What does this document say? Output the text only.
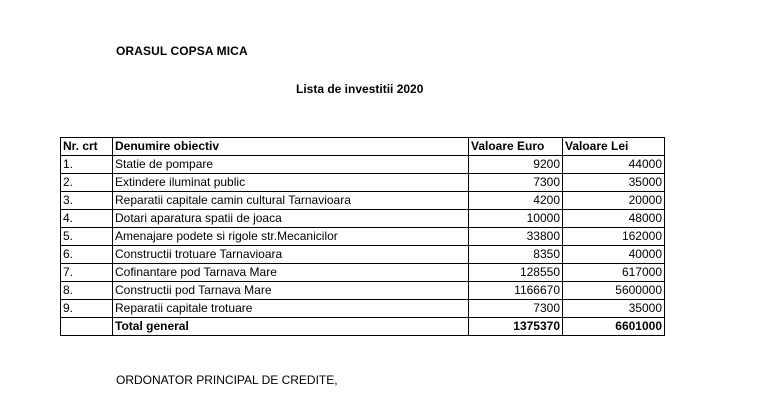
ORASUL COPSA MICA
Lista de investitii 2020
Nr. crt	Denumire obiectiv	Valoare Euro	Valoare Lei
1.	Statie de pompare	9200	44000
2.	Extindere iluminat public	7300	35000
3.	Reparatii capitale camin cultural Tarnavioara	4200	20000
4.	Dotari aparatura spatii de joaca	10000	48000
5.	Amenajare podete si rigole str.Mecanicilor	33800	162000
6.	Constructii trotuare Tarnavioara	8350	40000
7.	Cofinantare pod Tarnava Mare	128550	617000
8.	Constructii pod Tarnava Mare	1166670	5600000
9.	Reparatii capitale trotuare	7300	35000
	Total general	1375370	6601000
ORDONATOR PRINCIPAL DE CREDITE,
